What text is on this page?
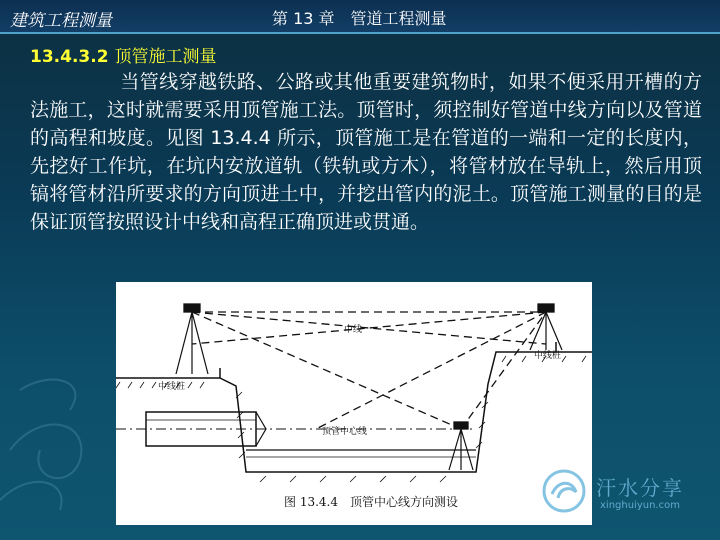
建筑工程测量	第 13 章　管道工程测量
13.4.3.2 顶管施工测量
当管线穿越铁路、公路或其他重要建筑物时，如果不便采用开槽的方法施工，这时就需要采用顶管施工法。顶管时，须控制好管道中线方向以及管道的高程和坡度。见图 13.4.4 所示，顶管施工是在管道的一端和一定的长度内，先挖好工作坑，在坑内安放道轨（铁轨或方木），将管材放在导轨上，然后用顶镐将管材沿所要求的方向顶进土中，并挖出管内的泥土。顶管施工测量的目的是保证顶管按照设计中线和高程正确顶进或贯通。
中线
中线桩
中线桩
顶管中心线
图 13.4.4　顶管中心线方向测设
汗水分享
xinghuiyun.com
